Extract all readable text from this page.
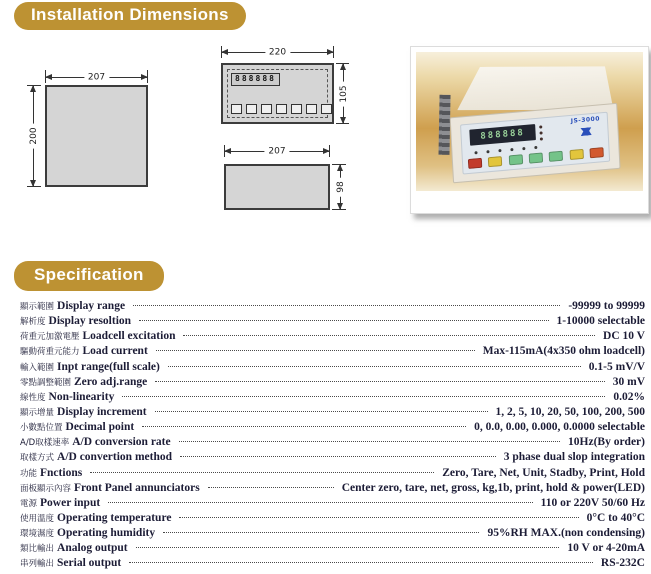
Installation Dimensions
207
200
888888
220
105
207
98
888888
JS-3000
Specification
顯示範圍 Display range	-99999 to 99999
解析度 Display resoltion	1-10000 selectable
荷重元加激電壓 Loadcell excitation	DC 10 V
驅動荷重元能力 Load current	Max-115mA(4x350 ohm loadcell)
輸入範圍 Inpt range(full scale)	0.1-5 mV/V
零點調整範圍 Zero adj.range	30 mV
線性度 Non-linearity	0.02%
顯示增量 Display increment	1, 2, 5, 10, 20, 50, 100, 200, 500
小數點位置 Decimal point	0, 0.0, 0.00, 0.000, 0.0000 selectable
A/D取樣速率 A/D conversion rate	10Hz(By order)
取樣方式 A/D convertion method	3 phase dual slop integration
功能 Fnctions	Zero, Tare, Net, Unit, Stadby, Print, Hold
面板顯示內容 Front Panel annunciators	Center zero, tare, net, gross, kg,1b, print, hold & power(LED)
電源 Power input	110 or 220V 50/60 Hz
使用溫度 Operating temperature	0°C to 40°C
環境濕度 Operating humidity	95%RH MAX.(non condensing)
類比輸出 Analog output	10 V or 4-20mA
串列輸出 Serial output	RS-232C
